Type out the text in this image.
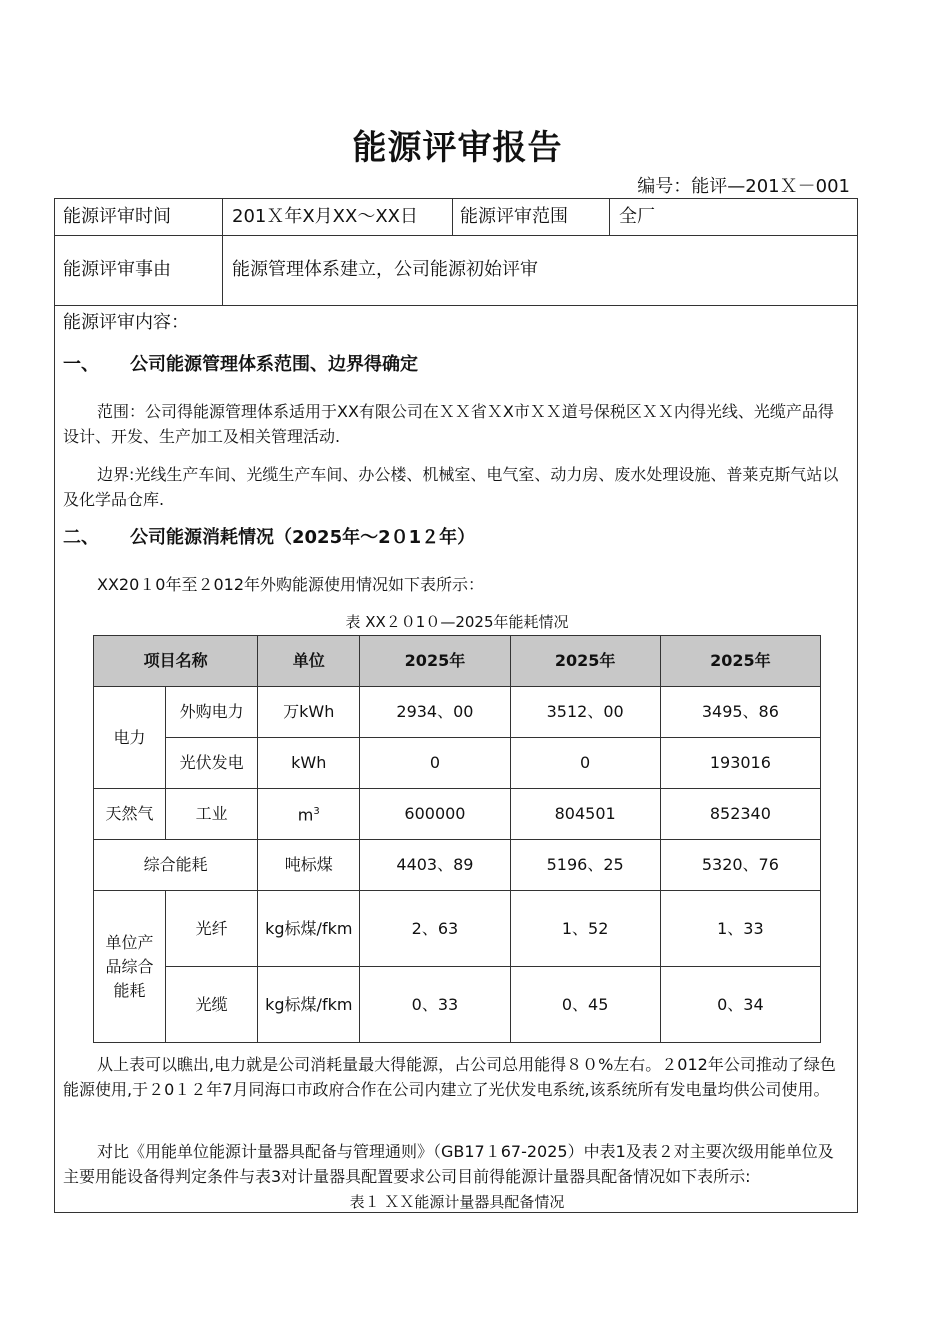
能源评审报告
编号：能评—201Ｘ－001
能源评审时间	201Ｘ年X月XX～XX日 能源评审范围	全厂
能源评审事由	能源管理体系建立，公司能源初始评审
能源评审内容：
一、 公司能源管理体系范围、边界得确定
范围：公司得能源管理体系适用于XX有限公司在ＸＸ省ＸX市ＸＸ道号保税区ＸＸ内得光线、光缆产品得设计、开发、生产加工及相关管理活动.
边界:光线生产车间、光缆生产车间、办公楼、机械室、电气室、动力房、废水处理设施、普莱克斯气站以及化学品仓库.
二、 公司能源消耗情况（2025年～2０1２年）
XX20１0年至２012年外购能源使用情况如下表所示：
表 XX２０1０—2025年能耗情况
项目名称		单位	2025年	2025年	2025年
电力	外购电力	万kWh	2934、00	3512、00	3495、86
	光伏发电	kWh	0	0	193016
天然气	工业	$m^3$	600000	804501	852340
综合能耗		吨标煤	4403、89	5196、25	5320、76
单位产品综合能耗	光纤	kg标煤/fkm	2、63	1、52	1、33
	光缆	kg标煤/fkm	0、33	0、45	0、34
从上表可以瞧出,电力就是公司消耗量最大得能源，占公司总用能得８０%左右。２012年公司推动了绿色能源使用,于２0１２年7月同海口市政府合作在公司内建立了光伏发电系统,该系统所有发电量均供公司使用。
对比《用能单位能源计量器具配备与管理通则》（GB17１67-2025）中表1及表２对主要次级用能单位及主要用能设备得判定条件与表3对计量器具配置要求公司目前得能源计量器具配备情况如下表所示:
表１ ＸＸ能源计量器具配备情况
